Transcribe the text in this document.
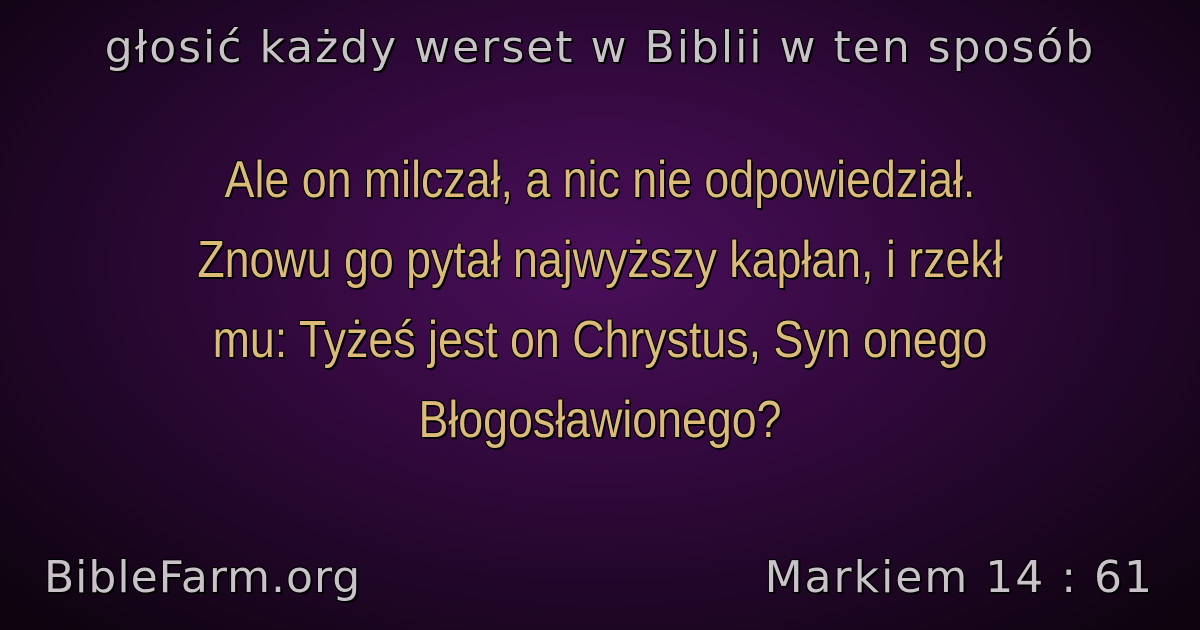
głosić każdy werset w Biblii w ten sposób
Ale on milczał, a nic nie odpowiedział.
Znowu go pytał najwyższy kapłan, i rzekł
mu: Tyżeś jest on Chrystus, Syn onego
Błogosławionego?
BibleFarm.org	Markiem 14 : 61
